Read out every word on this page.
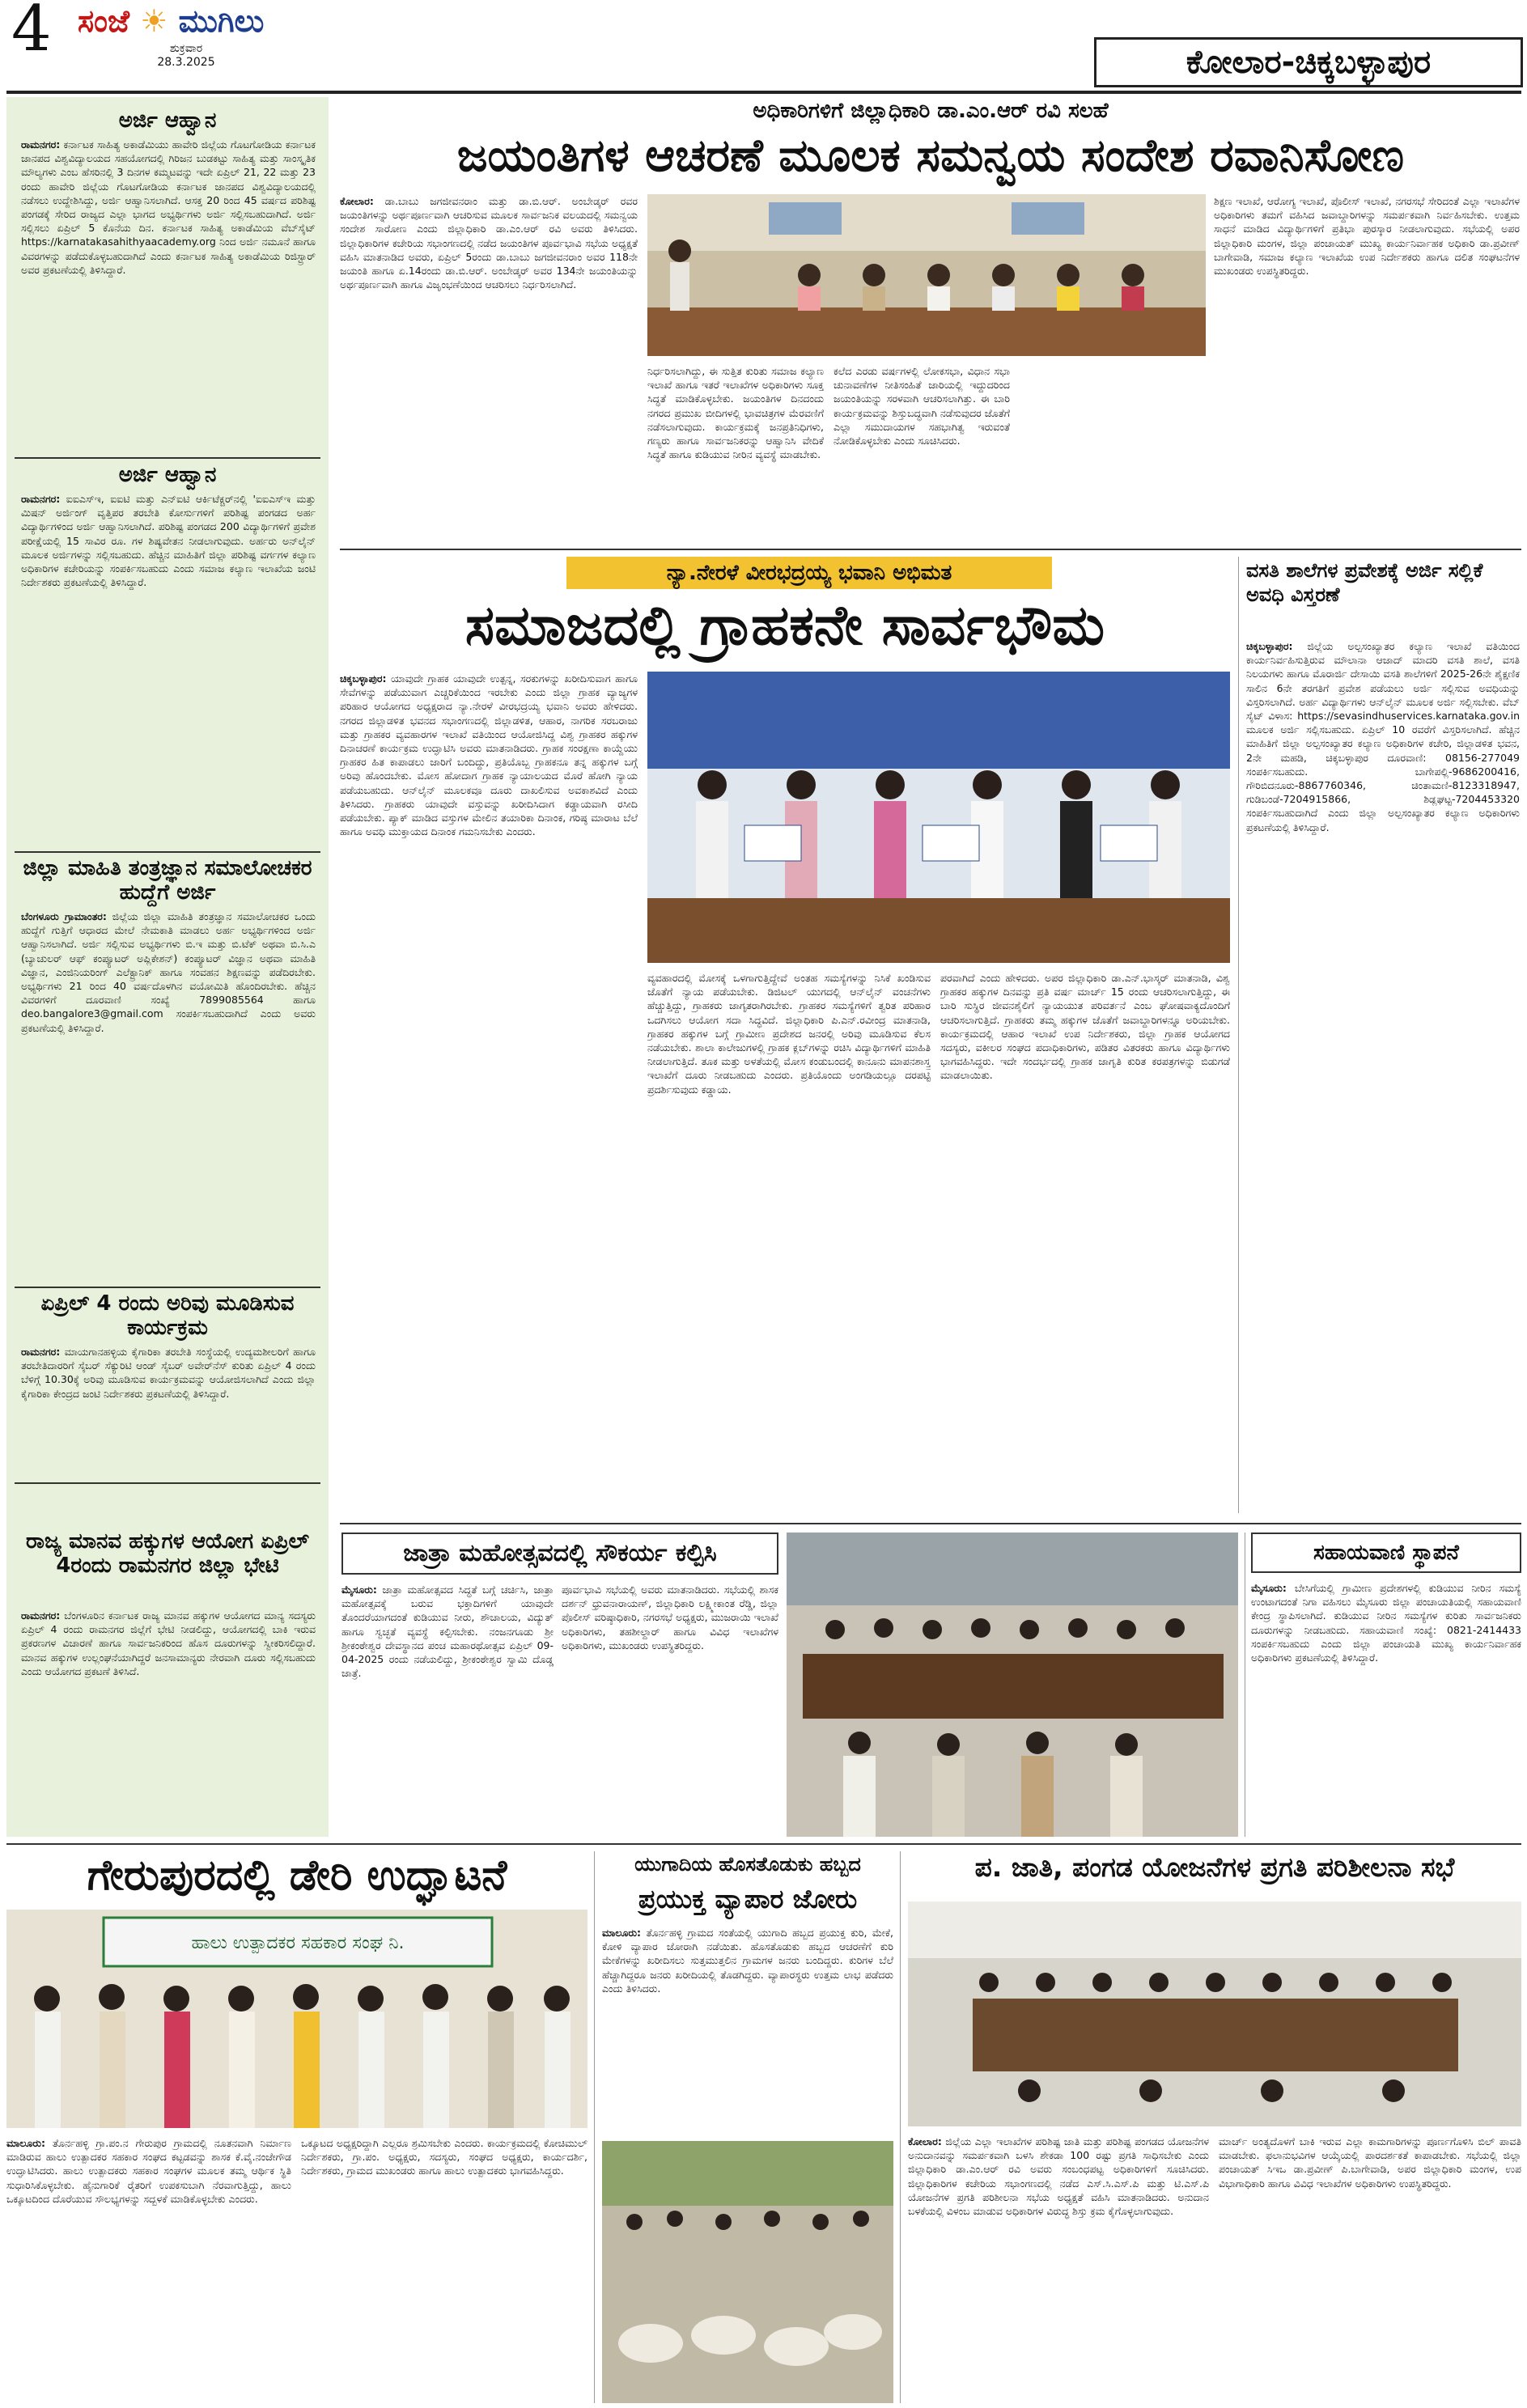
4 ಸಂಜೆ ☀ ಮುಗಿಲು
ಶುಕ್ರವಾರ
28.3.2025	ಕೋಲಾರ-ಚಿಕ್ಕಬಳ್ಳಾಪುರ
ಅರ್ಜಿ ಆಹ್ವಾನ
ರಾಮನಗರ: ಕರ್ನಾಟಕ ಸಾಹಿತ್ಯ ಅಕಾಡೆಮಿಯು ಹಾವೇರಿ ಜಿಲ್ಲೆಯ ಗೊಟಗೋಡಿಯ ಕರ್ನಾಟಕ ಜಾನಪದ ವಿಶ್ವವಿದ್ಯಾಲಯದ ಸಹಯೋಗದಲ್ಲಿ ಗಿರಿಜನ ಬುಡಕಟ್ಟು ಸಾಹಿತ್ಯ ಮತ್ತು ಸಾಂಸ್ಕೃತಿಕ ಮೌಲ್ಯಗಳು ಎಂಬ ಹೆಸರಿನಲ್ಲಿ 3 ದಿನಗಳ ಕಮ್ಮಟವನ್ನು ಇದೇ ಏಪ್ರಿಲ್ 21, 22 ಮತ್ತು 23 ರಂದು ಹಾವೇರಿ ಜಿಲ್ಲೆಯ ಗೊಟಗೋಡಿಯ ಕರ್ನಾಟಕ ಜಾನಪದ ವಿಶ್ವವಿದ್ಯಾಲಯದಲ್ಲಿ ನಡೆಸಲು ಉದ್ದೇಶಿಸಿದ್ದು, ಅರ್ಜಿ ಆಹ್ವಾನಿಸಲಾಗಿದೆ. ಆಸಕ್ತ 20 ರಿಂದ 45 ವರ್ಷದ ಪರಿಶಿಷ್ಟ ಪಂಗಡಕ್ಕೆ ಸೇರಿದ ರಾಜ್ಯದ ಎಲ್ಲಾ ಭಾಗದ ಅಭ್ಯರ್ಥಿಗಳು ಅರ್ಜಿ ಸಲ್ಲಿಸಬಹುದಾಗಿದೆ. ಅರ್ಜಿ ಸಲ್ಲಿಸಲು ಏಪ್ರಿಲ್ 5 ಕೊನೆಯ ದಿನ. ಕರ್ನಾಟಕ ಸಾಹಿತ್ಯ ಅಕಾಡೆಮಿಯ ವೆಬ್‌ಸೈಟ್ https://karnatakasahithyaacademy.org ನಿಂದ ಅರ್ಜಿ ನಮೂನೆ ಹಾಗೂ ವಿವರಗಳನ್ನು ಪಡೆದುಕೊಳ್ಳಬಹುದಾಗಿದೆ ಎಂದು ಕರ್ನಾಟಕ ಸಾಹಿತ್ಯ ಅಕಾಡೆಮಿಯ ರಿಜಿಸ್ಟ್ರಾರ್ ಅವರ ಪ್ರಕಟಣೆಯಲ್ಲಿ ತಿಳಿಸಿದ್ದಾರೆ.
ಅರ್ಜಿ ಆಹ್ವಾನ
ರಾಮನಗರ: ಐಐಎಸ್‌ಇ, ಐಐಟಿ ಮತ್ತು ಎನ್‌ಐಟಿ ಆರ್ಕಿಟೆಕ್ಚರ್‌ನಲ್ಲಿ 'ಐಐಎಸ್‌ಇ ಮತ್ತು ಮಿಷನ್ ಅರ್ಜಿಂಗ್ ವೃತ್ತಿಪರ ತರಬೇತಿ ಕೋರ್ಸುಗಳಿಗೆ ಪರಿಶಿಷ್ಟ ಪಂಗಡದ ಅರ್ಹ ವಿದ್ಯಾರ್ಥಿಗಳಿಂದ ಅರ್ಜಿ ಆಹ್ವಾನಿಸಲಾಗಿದೆ. ಪರಿಶಿಷ್ಟ ಪಂಗಡದ 200 ವಿದ್ಯಾರ್ಥಿಗಳಿಗೆ ಪ್ರವೇಶ ಪರೀಕ್ಷೆಯಲ್ಲಿ 15 ಸಾವಿರ ರೂ. ಗಳ ಶಿಷ್ಯವೇತನ ನೀಡಲಾಗುವುದು. ಅರ್ಹರು ಅನ್‌ಲೈನ್ ಮೂಲಕ ಅರ್ಜಿಗಳನ್ನು ಸಲ್ಲಿಸಬಹುದು. ಹೆಚ್ಚಿನ ಮಾಹಿತಿಗೆ ಜಿಲ್ಲಾ ಪರಿಶಿಷ್ಟ ವರ್ಗಗಳ ಕಲ್ಯಾಣ ಅಧಿಕಾರಿಗಳ ಕಚೇರಿಯನ್ನು ಸಂಪರ್ಕಿಸಬಹುದು ಎಂದು ಸಮಾಜ ಕಲ್ಯಾಣ ಇಲಾಖೆಯ ಜಂಟಿ ನಿರ್ದೇಶಕರು ಪ್ರಕಟಣೆಯಲ್ಲಿ ತಿಳಿಸಿದ್ದಾರೆ.
ಜಿಲ್ಲಾ ಮಾಹಿತಿ ತಂತ್ರಜ್ಞಾನ ಸಮಾಲೋಚಕರ ಹುದ್ದೆಗೆ ಅರ್ಜಿ
ಬೆಂಗಳೂರು ಗ್ರಾಮಾಂತರ: ಜಿಲ್ಲೆಯ ಜಿಲ್ಲಾ ಮಾಹಿತಿ ತಂತ್ರಜ್ಞಾನ ಸಮಾಲೋಚಕರ ಒಂದು ಹುದ್ದೆಗೆ ಗುತ್ತಿಗೆ ಆಧಾರದ ಮೇಲೆ ನೇಮಕಾತಿ ಮಾಡಲು ಅರ್ಹ ಅಭ್ಯರ್ಥಿಗಳಿಂದ ಅರ್ಜಿ ಆಹ್ವಾನಿಸಲಾಗಿದೆ. ಅರ್ಜಿ ಸಲ್ಲಿಸುವ ಅಭ್ಯರ್ಥಿಗಳು ಬಿ.ಇ ಮತ್ತು ಬಿ.ಟೆಕ್ ಅಥವಾ ಬಿ.ಸಿ.ಎ (ಬ್ಯಾಚುಲರ್ ಆಫ್ ಕಂಪ್ಯೂಟರ್ ಅಪ್ಲಿಕೇಶನ್) ಕಂಪ್ಯೂಟರ್ ವಿಜ್ಞಾನ ಅಥವಾ ಮಾಹಿತಿ ವಿಜ್ಞಾನ, ಎಂಜಿನಿಯರಿಂಗ್ ಎಲೆಕ್ಟ್ರಾನಿಕ್ ಹಾಗೂ ಸಂವಹನ ಶಿಕ್ಷಣವನ್ನು ಪಡೆದಿರಬೇಕು. ಅಭ್ಯರ್ಥಿಗಳು 21 ರಿಂದ 40 ವರ್ಷದೊಳಗಿನ ವಯೋಮಿತಿ ಹೊಂದಿರಬೇಕು. ಹೆಚ್ಚಿನ ವಿವರಗಳಿಗೆ ದೂರವಾಣಿ ಸಂಖ್ಯೆ 7899085564 ಹಾಗೂ deo.bangalore3@gmail.com ಸಂಪರ್ಕಿಸಬಹುದಾಗಿದೆ ಎಂದು ಅವರು ಪ್ರಕಟಣೆಯಲ್ಲಿ ತಿಳಿಸಿದ್ದಾರೆ.
ಏಪ್ರಿಲ್ 4 ರಂದು ಅರಿವು ಮೂಡಿಸುವ ಕಾರ್ಯಕ್ರಮ
ರಾಮನಗರ: ಮಾಯಗಾನಹಳ್ಳಿಯ ಕೈಗಾರಿಕಾ ತರಬೇತಿ ಸಂಸ್ಥೆಯಲ್ಲಿ ಉದ್ಯಮಶೀಲರಿಗೆ ಹಾಗೂ ತರಬೇತಿದಾರರಿಗೆ ಸೈಬರ್ ಸೆಕ್ಯುರಿಟಿ ಆಂಡ್ ಸೈಬರ್ ಅವೇರ್‌ನೆಸ್ ಕುರಿತು ಏಪ್ರಿಲ್ 4 ರಂದು ಬೆಳಿಗ್ಗೆ 10.30ಕ್ಕೆ ಅರಿವು ಮೂಡಿಸುವ ಕಾರ್ಯಕ್ರಮವನ್ನು ಆಯೋಜಿಸಲಾಗಿದೆ ಎಂದು ಜಿಲ್ಲಾ ಕೈಗಾರಿಕಾ ಕೇಂದ್ರದ ಜಂಟಿ ನಿರ್ದೇಶಕರು ಪ್ರಕಟಣೆಯಲ್ಲಿ ತಿಳಿಸಿದ್ದಾರೆ.
ರಾಜ್ಯ ಮಾನವ ಹಕ್ಕುಗಳ ಆಯೋಗ ಏಪ್ರಿಲ್ 4ರಂದು ರಾಮನಗರ ಜಿಲ್ಲಾ ಭೇಟಿ
ರಾಮನಗರ: ಬೆಂಗಳೂರಿನ ಕರ್ನಾಟಕ ರಾಜ್ಯ ಮಾನವ ಹಕ್ಕುಗಳ ಆಯೋಗದ ಮಾನ್ಯ ಸದಸ್ಯರು ಏಪ್ರಿಲ್ 4 ರಂದು ರಾಮನಗರ ಜಿಲ್ಲೆಗೆ ಭೇಟಿ ನೀಡಲಿದ್ದು, ಆಯೋಗದಲ್ಲಿ ಬಾಕಿ ಇರುವ ಪ್ರಕರಣಗಳ ವಿಚಾರಣೆ ಹಾಗೂ ಸಾರ್ವಜನಿಕರಿಂದ ಹೊಸ ದೂರುಗಳನ್ನು ಸ್ವೀಕರಿಸಲಿದ್ದಾರೆ. ಮಾನವ ಹಕ್ಕುಗಳ ಉಲ್ಲಂಘನೆಯಾಗಿದ್ದರೆ ಜನಸಾಮಾನ್ಯರು ನೇರವಾಗಿ ದೂರು ಸಲ್ಲಿಸಬಹುದು ಎಂದು ಆಯೋಗದ ಪ್ರಕಟಣೆ ತಿಳಿಸಿದೆ.
ಅಧಿಕಾರಿಗಳಿಗೆ ಜಿಲ್ಲಾಧಿಕಾರಿ ಡಾ.ಎಂ.ಆರ್ ರವಿ ಸಲಹೆ
ಜಯಂತಿಗಳ ಆಚರಣೆ ಮೂಲಕ ಸಮನ್ವಯ ಸಂದೇಶ ರವಾನಿಸೋಣ
ಕೋಲಾರ: ಡಾ.ಬಾಬು ಜಗಜೀವನರಾಂ ಮತ್ತು ಡಾ.ಬಿ.ಆರ್. ಅಂಬೇಡ್ಕರ್ ರವರ ಜಯಂತಿಗಳನ್ನು ಅರ್ಥಪೂರ್ಣವಾಗಿ ಆಚರಿಸುವ ಮೂಲಕ ಸಾರ್ವಜನಿಕ ವಲಯದಲ್ಲಿ ಸಮನ್ವಯ ಸಂದೇಶ ಸಾರೋಣ ಎಂದು ಜಿಲ್ಲಾಧಿಕಾರಿ ಡಾ.ಎಂ.ಆರ್ ರವಿ ಅವರು ತಿಳಿಸಿದರು. ಜಿಲ್ಲಾಧಿಕಾರಿಗಳ ಕಚೇರಿಯ ಸಭಾಂಗಣದಲ್ಲಿ ನಡೆದ ಜಯಂತಿಗಳ ಪೂರ್ವಭಾವಿ ಸಭೆಯ ಅಧ್ಯಕ್ಷತೆ ವಹಿಸಿ ಮಾತನಾಡಿದ ಅವರು, ಏಪ್ರಿಲ್ 5ರಂದು ಡಾ.ಬಾಬು ಜಗಜೀವನರಾಂ ಅವರ 118ನೇ ಜಯಂತಿ ಹಾಗೂ ಏ.14ರಂದು ಡಾ.ಬಿ.ಆರ್. ಅಂಬೇಡ್ಕರ್ ಅವರ 134ನೇ ಜಯಂತಿಯನ್ನು ಅರ್ಥಪೂರ್ಣವಾಗಿ ಹಾಗೂ ವಿಜೃಂಭಣೆಯಿಂದ ಆಚರಿಸಲು ನಿರ್ಧರಿಸಲಾಗಿದೆ.
ನಿರ್ಧರಿಸಲಾಗಿದ್ದು, ಈ ಸುತ್ತಿತ ಕುರಿತು ಸಮಾಜ ಕಲ್ಯಾಣ ಇಲಾಖೆ ಹಾಗೂ ಇತರೆ ಇಲಾಖೆಗಳ ಅಧಿಕಾರಿಗಳು ಸೂಕ್ತ ಸಿದ್ಧತೆ ಮಾಡಿಕೊಳ್ಳಬೇಕು. ಜಯಂತಿಗಳ ದಿನದಂದು ನಗರದ ಪ್ರಮುಖ ಬೀದಿಗಳಲ್ಲಿ ಭಾವಚಿತ್ರಗಳ ಮೆರವಣಿಗೆ ನಡೆಸಲಾಗುವುದು. ಕಾರ್ಯಕ್ರಮಕ್ಕೆ ಜನಪ್ರತಿನಿಧಿಗಳು, ಗಣ್ಯರು ಹಾಗೂ ಸಾರ್ವಜನಿಕರನ್ನು ಆಹ್ವಾನಿಸಿ ವೇದಿಕೆ ಸಿದ್ಧತೆ ಹಾಗೂ ಕುಡಿಯುವ ನೀರಿನ ವ್ಯವಸ್ಥೆ ಮಾಡಬೇಕು.
ಕಲೆದ ಎರಡು ವರ್ಷಗಳಲ್ಲಿ ಲೋಕಸಭಾ, ವಿಧಾನ ಸಭಾ ಚುನಾವಣೆಗಳ ನೀತಿಸಂಹಿತೆ ಜಾರಿಯಲ್ಲಿ ಇದ್ದುದರಿಂದ ಜಯಂತಿಯನ್ನು ಸರಳವಾಗಿ ಆಚರಿಸಲಾಗಿತ್ತು. ಈ ಬಾರಿ ಕಾರ್ಯಕ್ರಮವನ್ನು ಶಿಸ್ತುಬದ್ಧವಾಗಿ ನಡೆಸುವುದರ ಜೊತೆಗೆ ಎಲ್ಲಾ ಸಮುದಾಯಗಳ ಸಹಭಾಗಿತ್ವ ಇರುವಂತೆ ನೋಡಿಕೊಳ್ಳಬೇಕು ಎಂದು ಸೂಚಿಸಿದರು.
ಶಿಕ್ಷಣ ಇಲಾಖೆ, ಆರೋಗ್ಯ ಇಲಾಖೆ, ಪೊಲೀಸ್ ಇಲಾಖೆ, ನಗರಸಭೆ ಸೇರಿದಂತೆ ಎಲ್ಲಾ ಇಲಾಖೆಗಳ ಅಧಿಕಾರಿಗಳು ತಮಗೆ ವಹಿಸಿದ ಜವಾಬ್ದಾರಿಗಳನ್ನು ಸಮರ್ಪಕವಾಗಿ ನಿರ್ವಹಿಸಬೇಕು. ಉತ್ತಮ ಸಾಧನೆ ಮಾಡಿದ ವಿದ್ಯಾರ್ಥಿಗಳಿಗೆ ಪ್ರತಿಭಾ ಪುರಸ್ಕಾರ ನೀಡಲಾಗುವುದು. ಸಭೆಯಲ್ಲಿ ಅಪರ ಜಿಲ್ಲಾಧಿಕಾರಿ ಮಂಗಳ, ಜಿಲ್ಲಾ ಪಂಚಾಯತ್ ಮುಖ್ಯ ಕಾರ್ಯನಿರ್ವಾಹಕ ಅಧಿಕಾರಿ ಡಾ.ಪ್ರವೀಣ್ ಬಾಗೇವಾಡಿ, ಸಮಾಜ ಕಲ್ಯಾಣ ಇಲಾಖೆಯ ಉಪ ನಿರ್ದೇಶಕರು ಹಾಗೂ ದಲಿತ ಸಂಘಟನೆಗಳ ಮುಖಂಡರು ಉಪಸ್ಥಿತರಿದ್ದರು.
ನ್ಯಾ.ನೇರಳೆ ವೀರಭದ್ರಯ್ಯ ಭವಾನಿ ಅಭಿಮತ
ಸಮಾಜದಲ್ಲಿ ಗ್ರಾಹಕನೇ ಸಾರ್ವಭೌಮ
ಚಿಕ್ಕಬಳ್ಳಾಪುರ: ಯಾವುದೇ ಗ್ರಾಹಕ ಯಾವುದೇ ಉತ್ಪನ್ನ, ಸರಕುಗಳನ್ನು ಖರೀದಿಸುವಾಗ ಹಾಗೂ ಸೇವೆಗಳನ್ನು ಪಡೆಯುವಾಗ ಎಚ್ಚರಿಕೆಯಿಂದ ಇರಬೇಕು ಎಂದು ಜಿಲ್ಲಾ ಗ್ರಾಹಕ ವ್ಯಾಜ್ಯಗಳ ಪರಿಹಾರ ಆಯೋಗದ ಅಧ್ಯಕ್ಷರಾದ ನ್ಯಾ.ನೇರಳೆ ವೀರಭದ್ರಯ್ಯ ಭವಾನಿ ಅವರು ಹೇಳಿದರು. ನಗರದ ಜಿಲ್ಲಾಡಳಿತ ಭವನದ ಸಭಾಂಗಣದಲ್ಲಿ ಜಿಲ್ಲಾಡಳಿತ, ಆಹಾರ, ನಾಗರಿಕ ಸರಬರಾಜು ಮತ್ತು ಗ್ರಾಹಕರ ವ್ಯವಹಾರಗಳ ಇಲಾಖೆ ವತಿಯಿಂದ ಆಯೋಜಿಸಿದ್ದ ವಿಶ್ವ ಗ್ರಾಹಕರ ಹಕ್ಕುಗಳ ದಿನಾಚರಣೆ ಕಾರ್ಯಕ್ರಮ ಉದ್ಘಾಟಿಸಿ ಅವರು ಮಾತನಾಡಿದರು. ಗ್ರಾಹಕ ಸಂರಕ್ಷಣಾ ಕಾಯ್ದೆಯು ಗ್ರಾಹಕರ ಹಿತ ಕಾಪಾಡಲು ಜಾರಿಗೆ ಬಂದಿದ್ದು, ಪ್ರತಿಯೊಬ್ಬ ಗ್ರಾಹಕನೂ ತನ್ನ ಹಕ್ಕುಗಳ ಬಗ್ಗೆ ಅರಿವು ಹೊಂದಬೇಕು. ಮೋಸ ಹೋದಾಗ ಗ್ರಾಹಕ ನ್ಯಾಯಾಲಯದ ಮೊರೆ ಹೋಗಿ ನ್ಯಾಯ ಪಡೆಯಬಹುದು. ಆನ್‌ಲೈನ್ ಮೂಲಕವೂ ದೂರು ದಾಖಲಿಸುವ ಅವಕಾಶವಿದೆ ಎಂದು ತಿಳಿಸಿದರು. ಗ್ರಾಹಕರು ಯಾವುದೇ ವಸ್ತುವನ್ನು ಖರೀದಿಸಿದಾಗ ಕಡ್ಡಾಯವಾಗಿ ರಸೀದಿ ಪಡೆಯಬೇಕು. ಪ್ಯಾಕ್ ಮಾಡಿದ ವಸ್ತುಗಳ ಮೇಲಿನ ತಯಾರಿಕಾ ದಿನಾಂಕ, ಗರಿಷ್ಠ ಮಾರಾಟ ಬೆಲೆ ಹಾಗೂ ಅವಧಿ ಮುಕ್ತಾಯದ ದಿನಾಂಕ ಗಮನಿಸಬೇಕು ಎಂದರು.
ವ್ಯವಹಾರದಲ್ಲಿ ಮೋಸಕ್ಕೆ ಒಳಗಾಗುತ್ತಿದ್ದೇವೆ ಅಂತಹ ಸಮಸ್ಯೆಗಳನ್ನು ನಿಸಿಕೆ ಖಂಡಿಸುವ ಜೊತೆಗೆ ನ್ಯಾಯ ಪಡೆಯಬೇಕು. ಡಿಜಿಟಲ್ ಯುಗದಲ್ಲಿ ಆನ್‌ಲೈನ್ ವಂಚನೆಗಳು ಹೆಚ್ಚುತ್ತಿದ್ದು, ಗ್ರಾಹಕರು ಜಾಗೃತರಾಗಿರಬೇಕು. ಗ್ರಾಹಕರ ಸಮಸ್ಯೆಗಳಿಗೆ ತ್ವರಿತ ಪರಿಹಾರ ಒದಗಿಸಲು ಆಯೋಗ ಸದಾ ಸಿದ್ಧವಿದೆ. ಜಿಲ್ಲಾಧಿಕಾರಿ ಪಿ.ಎನ್.ರವೀಂದ್ರ ಮಾತನಾಡಿ, ಗ್ರಾಹಕರ ಹಕ್ಕುಗಳ ಬಗ್ಗೆ ಗ್ರಾಮೀಣ ಪ್ರದೇಶದ ಜನರಲ್ಲಿ ಅರಿವು ಮೂಡಿಸುವ ಕೆಲಸ ನಡೆಯಬೇಕು. ಶಾಲಾ ಕಾಲೇಜುಗಳಲ್ಲಿ ಗ್ರಾಹಕ ಕ್ಲಬ್‌ಗಳನ್ನು ರಚಿಸಿ ವಿದ್ಯಾರ್ಥಿಗಳಿಗೆ ಮಾಹಿತಿ ನೀಡಲಾಗುತ್ತಿದೆ. ತೂಕ ಮತ್ತು ಅಳತೆಯಲ್ಲಿ ಮೋಸ ಕಂಡುಬಂದಲ್ಲಿ ಕಾನೂನು ಮಾಪನಶಾಸ್ತ್ರ ಇಲಾಖೆಗೆ ದೂರು ನೀಡಬಹುದು ಎಂದರು. ಪ್ರತಿಯೊಂದು ಅಂಗಡಿಯಲ್ಲೂ ದರಪಟ್ಟಿ ಪ್ರದರ್ಶಿಸುವುದು ಕಡ್ಡಾಯ.
ಪರವಾಗಿದೆ ಎಂದು ಹೇಳಿದರು. ಅಪರ ಜಿಲ್ಲಾಧಿಕಾರಿ ಡಾ.ಎನ್.ಭಾಸ್ಕರ್ ಮಾತನಾಡಿ, ವಿಶ್ವ ಗ್ರಾಹಕರ ಹಕ್ಕುಗಳ ದಿನವನ್ನು ಪ್ರತಿ ವರ್ಷ ಮಾರ್ಚ್ 15 ರಂದು ಆಚರಿಸಲಾಗುತ್ತಿದ್ದು, ಈ ಬಾರಿ ಸುಸ್ಥಿರ ಜೀವನಶೈಲಿಗೆ ನ್ಯಾಯಯುತ ಪರಿವರ್ತನೆ ಎಂಬ ಘೋಷವಾಕ್ಯದೊಂದಿಗೆ ಆಚರಿಸಲಾಗುತ್ತಿದೆ. ಗ್ರಾಹಕರು ತಮ್ಮ ಹಕ್ಕುಗಳ ಜೊತೆಗೆ ಜವಾಬ್ದಾರಿಗಳನ್ನೂ ಅರಿಯಬೇಕು. ಕಾರ್ಯಕ್ರಮದಲ್ಲಿ ಆಹಾರ ಇಲಾಖೆ ಉಪ ನಿರ್ದೇಶಕರು, ಜಿಲ್ಲಾ ಗ್ರಾಹಕ ಆಯೋಗದ ಸದಸ್ಯರು, ವಕೀಲರ ಸಂಘದ ಪದಾಧಿಕಾರಿಗಳು, ಪಡಿತರ ವಿತರಕರು ಹಾಗೂ ವಿದ್ಯಾರ್ಥಿಗಳು ಭಾಗವಹಿಸಿದ್ದರು. ಇದೇ ಸಂದರ್ಭದಲ್ಲಿ ಗ್ರಾಹಕ ಜಾಗೃತಿ ಕುರಿತ ಕರಪತ್ರಗಳನ್ನು ಬಿಡುಗಡೆ ಮಾಡಲಾಯಿತು.
ವಸತಿ ಶಾಲೆಗಳ ಪ್ರವೇಶಕ್ಕೆ ಅರ್ಜಿ ಸಲ್ಲಿಕೆ ಅವಧಿ ವಿಸ್ತರಣೆ
ಚಿಕ್ಕಬಳ್ಳಾಪುರ: ಜಿಲ್ಲೆಯ ಅಲ್ಪಸಂಖ್ಯಾತರ ಕಲ್ಯಾಣ ಇಲಾಖೆ ವತಿಯಿಂದ ಕಾರ್ಯನಿರ್ವಹಿಸುತ್ತಿರುವ ಮೌಲಾನಾ ಆಜಾದ್ ಮಾದರಿ ವಸತಿ ಶಾಲೆ, ವಸತಿ ನಿಲಯಗಳು ಹಾಗೂ ಮೊರಾರ್ಜಿ ದೇಸಾಯಿ ವಸತಿ ಶಾಲೆಗಳಿಗೆ 2025-26ನೇ ಶೈಕ್ಷಣಿಕ ಸಾಲಿನ 6ನೇ ತರಗತಿಗೆ ಪ್ರವೇಶ ಪಡೆಯಲು ಅರ್ಜಿ ಸಲ್ಲಿಸುವ ಅವಧಿಯನ್ನು ವಿಸ್ತರಿಸಲಾಗಿದೆ. ಅರ್ಹ ವಿದ್ಯಾರ್ಥಿಗಳು ಆನ್‌ಲೈನ್ ಮೂಲಕ ಅರ್ಜಿ ಸಲ್ಲಿಸಬೇಕು. ವೆಬ್ ಸೈಟ್ ವಿಳಾಸ: https://sevasindhuservices.karnataka.gov.in ಮೂಲಕ ಅರ್ಜಿ ಸಲ್ಲಿಸಬಹುದು. ಏಪ್ರಿಲ್ 10 ರವರೆಗೆ ವಿಸ್ತರಿಸಲಾಗಿದೆ. ಹೆಚ್ಚಿನ ಮಾಹಿತಿಗೆ ಜಿಲ್ಲಾ ಅಲ್ಪಸಂಖ್ಯಾತರ ಕಲ್ಯಾಣ ಅಧಿಕಾರಿಗಳ ಕಚೇರಿ, ಜಿಲ್ಲಾಡಳಿತ ಭವನ, 2ನೇ ಮಹಡಿ, ಚಿಕ್ಕಬಳ್ಳಾಪುರ ದೂರವಾಣಿ: 08156-277049 ಸಂಪರ್ಕಿಸಬಹುದು. ಬಾಗೇಪಲ್ಲಿ-9686200416, ಗೌರಿಬಿದನೂರು-8867760346, ಚಿಂತಾಮಣಿ-8123318947, ಗುಡಿಬಂಡೆ-7204915866, ಶಿಡ್ಲಘಟ್ಟ-7204453320 ಸಂಪರ್ಕಿಸಬಹುದಾಗಿದೆ ಎಂದು ಜಿಲ್ಲಾ ಅಲ್ಪಸಂಖ್ಯಾತರ ಕಲ್ಯಾಣ ಅಧಿಕಾರಿಗಳು ಪ್ರಕಟಣೆಯಲ್ಲಿ ತಿಳಿಸಿದ್ದಾರೆ.
ಜಾತ್ರಾ ಮಹೋತ್ಸವದಲ್ಲಿ ಸೌಕರ್ಯ ಕಲ್ಪಿಸಿ
ಮೈಸೂರು: ಜಾತ್ರಾ ಮಹೋತ್ಸವದ ಸಿದ್ಧತೆ ಬಗ್ಗೆ ಚರ್ಚಿಸಿ, ಜಾತ್ರಾ ಮಹೋತ್ಸವಕ್ಕೆ ಬರುವ ಭಕ್ತಾದಿಗಳಿಗೆ ಯಾವುದೇ ತೊಂದರೆಯಾಗದಂತೆ ಕುಡಿಯುವ ನೀರು, ಶೌಚಾಲಯ, ವಿದ್ಯುತ್ ಹಾಗೂ ಸ್ವಚ್ಛತೆ ವ್ಯವಸ್ಥೆ ಕಲ್ಪಿಸಬೇಕು. ನಂಜನಗೂಡು ಶ್ರೀ ಶ್ರೀಕಂಠೇಶ್ವರ ದೇವಸ್ಥಾನದ ಪಂಚ ಮಹಾರಥೋತ್ಸವ ಏಪ್ರಿಲ್ 09-04-2025 ರಂದು ನಡೆಯಲಿದ್ದು, ಶ್ರೀಕಂಠೇಶ್ವರ ಸ್ವಾಮಿ ದೊಡ್ಡ ಜಾತ್ರೆ.
ಪೂರ್ವಭಾವಿ ಸಭೆಯಲ್ಲಿ ಅವರು ಮಾತನಾಡಿದರು. ಸಭೆಯಲ್ಲಿ ಶಾಸಕ ದರ್ಶನ್ ಧ್ರುವನಾರಾಯಣ್, ಜಿಲ್ಲಾಧಿಕಾರಿ ಲಕ್ಷ್ಮೀಕಾಂತ ರೆಡ್ಡಿ, ಜಿಲ್ಲಾ ಪೊಲೀಸ್ ವರಿಷ್ಠಾಧಿಕಾರಿ, ನಗರಸಭೆ ಅಧ್ಯಕ್ಷರು, ಮುಜರಾಯಿ ಇಲಾಖೆ ಅಧಿಕಾರಿಗಳು, ತಹಶೀಲ್ದಾರ್ ಹಾಗೂ ವಿವಿಧ ಇಲಾಖೆಗಳ ಅಧಿಕಾರಿಗಳು, ಮುಖಂಡರು ಉಪಸ್ಥಿತರಿದ್ದರು.
ಸಹಾಯವಾಣಿ ಸ್ಥಾಪನೆ
ಮೈಸೂರು: ಬೇಸಿಗೆಯಲ್ಲಿ ಗ್ರಾಮೀಣ ಪ್ರದೇಶಗಳಲ್ಲಿ ಕುಡಿಯುವ ನೀರಿನ ಸಮಸ್ಯೆ ಉಂಟಾಗದಂತೆ ನಿಗಾ ವಹಿಸಲು ಮೈಸೂರು ಜಿಲ್ಲಾ ಪಂಚಾಯತಿಯಲ್ಲಿ ಸಹಾಯವಾಣಿ ಕೇಂದ್ರ ಸ್ಥಾಪಿಸಲಾಗಿದೆ. ಕುಡಿಯುವ ನೀರಿನ ಸಮಸ್ಯೆಗಳ ಕುರಿತು ಸಾರ್ವಜನಿಕರು ದೂರುಗಳನ್ನು ನೀಡಬಹುದು. ಸಹಾಯವಾಣಿ ಸಂಖ್ಯೆ: 0821-2414433 ಸಂಪರ್ಕಿಸಬಹುದು ಎಂದು ಜಿಲ್ಲಾ ಪಂಚಾಯತಿ ಮುಖ್ಯ ಕಾರ್ಯನಿರ್ವಾಹಕ ಅಧಿಕಾರಿಗಳು ಪ್ರಕಟಣೆಯಲ್ಲಿ ತಿಳಿಸಿದ್ದಾರೆ.
ಗೇರುಪುರದಲ್ಲಿ ಡೇರಿ ಉದ್ಘಾಟನೆ
ಹಾಲು ಉತ್ಪಾದಕರ ಸಹಕಾರ ಸಂಘ ನಿ.
ಮಾಲೂರು: ತೊರ್ನಹಳ್ಳಿ ಗ್ರಾ.ಪಂ.ನ ಗೇರುಪುರ ಗ್ರಾಮದಲ್ಲಿ ನೂತನವಾಗಿ ನಿರ್ಮಾಣ ಮಾಡಿರುವ ಹಾಲು ಉತ್ಪಾದಕರ ಸಹಕಾರ ಸಂಘದ ಕಟ್ಟಡವನ್ನು ಶಾಸಕ ಕೆ.ವೈ.ನಂಜೇಗೌಡ ಉದ್ಘಾಟಿಸಿದರು. ಹಾಲು ಉತ್ಪಾದಕರು ಸಹಕಾರ ಸಂಘಗಳ ಮೂಲಕ ತಮ್ಮ ಆರ್ಥಿಕ ಸ್ಥಿತಿ ಸುಧಾರಿಸಿಕೊಳ್ಳಬೇಕು. ಹೈನುಗಾರಿಕೆ ರೈತರಿಗೆ ಉಪಕಸುಬಾಗಿ ನೆರವಾಗುತ್ತಿದ್ದು, ಹಾಲು ಒಕ್ಕೂಟದಿಂದ ದೊರೆಯುವ ಸೌಲಭ್ಯಗಳನ್ನು ಸದ್ಬಳಕೆ ಮಾಡಿಕೊಳ್ಳಬೇಕು ಎಂದರು.
ಒಕ್ಕೂಟದ ಅಧ್ಯಕ್ಷರಿದ್ದಾಗಿ ಎಲ್ಲರೂ ಶ್ರಮಿಸಬೇಕು ಎಂದರು. ಕಾರ್ಯಕ್ರಮದಲ್ಲಿ ಕೋಚಿಮುಲ್ ನಿರ್ದೇಶಕರು, ಗ್ರಾ.ಪಂ. ಅಧ್ಯಕ್ಷರು, ಸದಸ್ಯರು, ಸಂಘದ ಅಧ್ಯಕ್ಷರು, ಕಾರ್ಯದರ್ಶಿ, ನಿರ್ದೇಶಕರು, ಗ್ರಾಮದ ಮುಖಂಡರು ಹಾಗೂ ಹಾಲು ಉತ್ಪಾದಕರು ಭಾಗವಹಿಸಿದ್ದರು.
ಯುಗಾದಿಯ ಹೊಸತೊಡುಕು ಹಬ್ಬದ
ಪ್ರಯುಕ್ತ ವ್ಯಾಪಾರ ಜೋರು
ಮಾಲೂರು: ತೊರ್ನಹಳ್ಳಿ ಗ್ರಾಮದ ಸಂತೆಯಲ್ಲಿ ಯುಗಾದಿ ಹಬ್ಬದ ಪ್ರಯುಕ್ತ ಕುರಿ, ಮೇಕೆ, ಕೋಳಿ ವ್ಯಾಪಾರ ಜೋರಾಗಿ ನಡೆಯಿತು. ಹೊಸತೊಡುಕು ಹಬ್ಬದ ಆಚರಣೆಗೆ ಕುರಿ ಮೇಕೆಗಳನ್ನು ಖರೀದಿಸಲು ಸುತ್ತಮುತ್ತಲಿನ ಗ್ರಾಮಗಳ ಜನರು ಬಂದಿದ್ದರು. ಕುರಿಗಳ ಬೆಲೆ ಹೆಚ್ಚಾಗಿದ್ದರೂ ಜನರು ಖರೀದಿಯಲ್ಲಿ ತೊಡಗಿದ್ದರು. ವ್ಯಾಪಾರಸ್ಥರು ಉತ್ತಮ ಲಾಭ ಪಡೆದರು ಎಂದು ತಿಳಿಸಿದರು.
ಪ. ಜಾತಿ, ಪಂಗಡ ಯೋಜನೆಗಳ ಪ್ರಗತಿ ಪರಿಶೀಲನಾ ಸಭೆ
ಕೋಲಾರ: ಜಿಲ್ಲೆಯ ಎಲ್ಲಾ ಇಲಾಖೆಗಳ ಪರಿಶಿಷ್ಟ ಜಾತಿ ಮತ್ತು ಪರಿಶಿಷ್ಟ ಪಂಗಡದ ಯೋಜನೆಗಳ ಅನುದಾನವನ್ನು ಸಮರ್ಪಕವಾಗಿ ಬಳಸಿ ಶೇಕಡಾ 100 ರಷ್ಟು ಪ್ರಗತಿ ಸಾಧಿಸಬೇಕು ಎಂದು ಜಿಲ್ಲಾಧಿಕಾರಿ ಡಾ.ಎಂ.ಆರ್ ರವಿ ಅವರು ಸಂಬಂಧಪಟ್ಟ ಅಧಿಕಾರಿಗಳಿಗೆ ಸೂಚಿಸಿದರು. ಜಿಲ್ಲಾಧಿಕಾರಿಗಳ ಕಚೇರಿಯ ಸಭಾಂಗಣದಲ್ಲಿ ನಡೆದ ಎಸ್‌.ಸಿ.ಎಸ್.ಪಿ ಮತ್ತು ಟಿ.ಎಸ್.ಪಿ ಯೋಜನೆಗಳ ಪ್ರಗತಿ ಪರಿಶೀಲನಾ ಸಭೆಯ ಅಧ್ಯಕ್ಷತೆ ವಹಿಸಿ ಮಾತನಾಡಿದರು. ಅನುದಾನ ಬಳಕೆಯಲ್ಲಿ ವಿಳಂಬ ಮಾಡುವ ಅಧಿಕಾರಿಗಳ ವಿರುದ್ಧ ಶಿಸ್ತು ಕ್ರಮ ಕೈಗೊಳ್ಳಲಾಗುವುದು.
ಮಾರ್ಚ್ ಅಂತ್ಯದೊಳಗೆ ಬಾಕಿ ಇರುವ ಎಲ್ಲಾ ಕಾಮಗಾರಿಗಳನ್ನು ಪೂರ್ಣಗೊಳಿಸಿ ಬಿಲ್ ಪಾವತಿ ಮಾಡಬೇಕು. ಫಲಾನುಭವಿಗಳ ಆಯ್ಕೆಯಲ್ಲಿ ಪಾರದರ್ಶಕತೆ ಕಾಪಾಡಬೇಕು. ಸಭೆಯಲ್ಲಿ ಜಿಲ್ಲಾ ಪಂಚಾಯತ್ ಸಿಇಒ ಡಾ.ಪ್ರವೀಣ್ ಪಿ.ಬಾಗೇವಾಡಿ, ಅಪರ ಜಿಲ್ಲಾಧಿಕಾರಿ ಮಂಗಳ, ಉಪ ವಿಭಾಗಾಧಿಕಾರಿ ಹಾಗೂ ವಿವಿಧ ಇಲಾಖೆಗಳ ಅಧಿಕಾರಿಗಳು ಉಪಸ್ಥಿತರಿದ್ದರು.
